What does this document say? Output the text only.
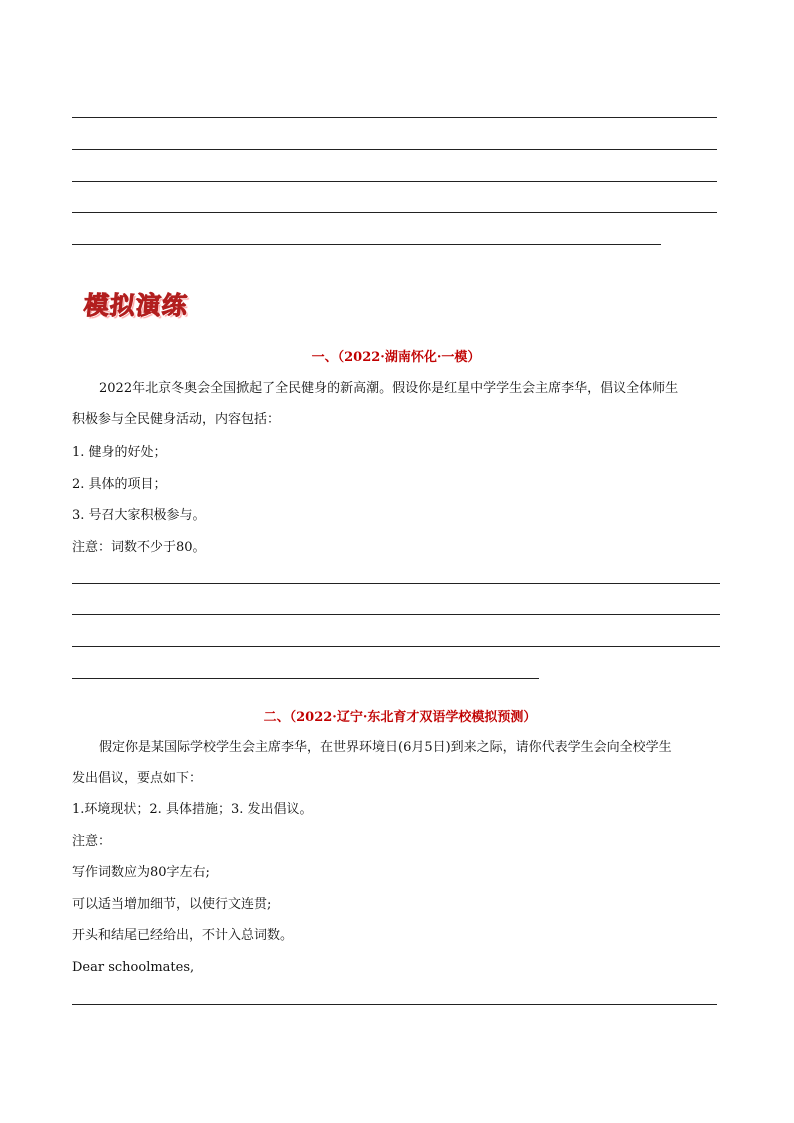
模拟演练
一、（2022·湖南怀化·一模）
2022年北京冬奥会全国掀起了全民健身的新高潮。假设你是红星中学学生会主席李华，倡议全体师生
积极参与全民健身活动，内容包括：
1. 健身的好处；
2. 具体的项目；
3. 号召大家积极参与。
注意：词数不少于80。
二、（2022·辽宁·东北育才双语学校模拟预测）
假定你是某国际学校学生会主席李华，在世界环境日(6月5日)到来之际，请你代表学生会向全校学生
发出倡议，要点如下：
1.环境现状；2. 具体措施；3. 发出倡议。
注意：
写作词数应为80字左右;
可以适当增加细节，以使行文连贯;
开头和结尾已经给出，不计入总词数。
Dear schoolmates,
